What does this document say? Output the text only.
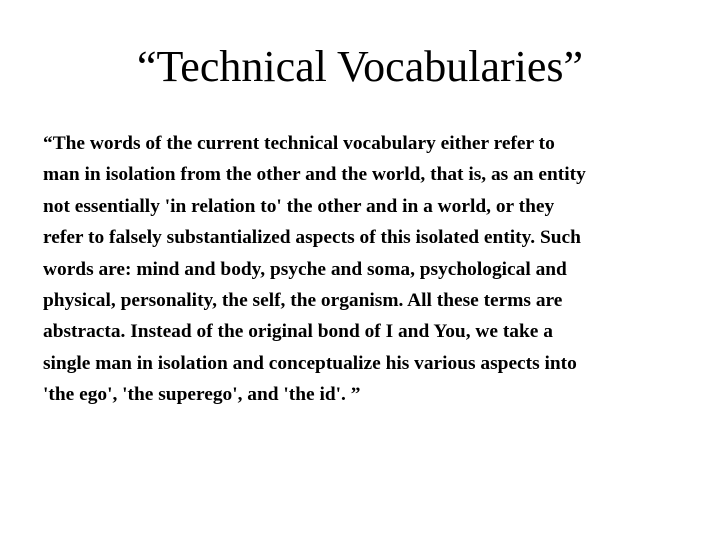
“Technical Vocabularies”
“The words of the current technical vocabulary either refer to
man in isolation from the other and the world, that is, as an entity
not essentially 'in relation to' the other and in a world, or they
refer to falsely substantialized aspects of this isolated entity. Such
words are: mind and body, psyche and soma, psychological and
physical, personality, the self, the organism. All these terms are
abstracta. Instead of the original bond of I and You, we take a
single man in isolation and conceptualize his various aspects into
'the ego', 'the superego', and 'the id'. ”
